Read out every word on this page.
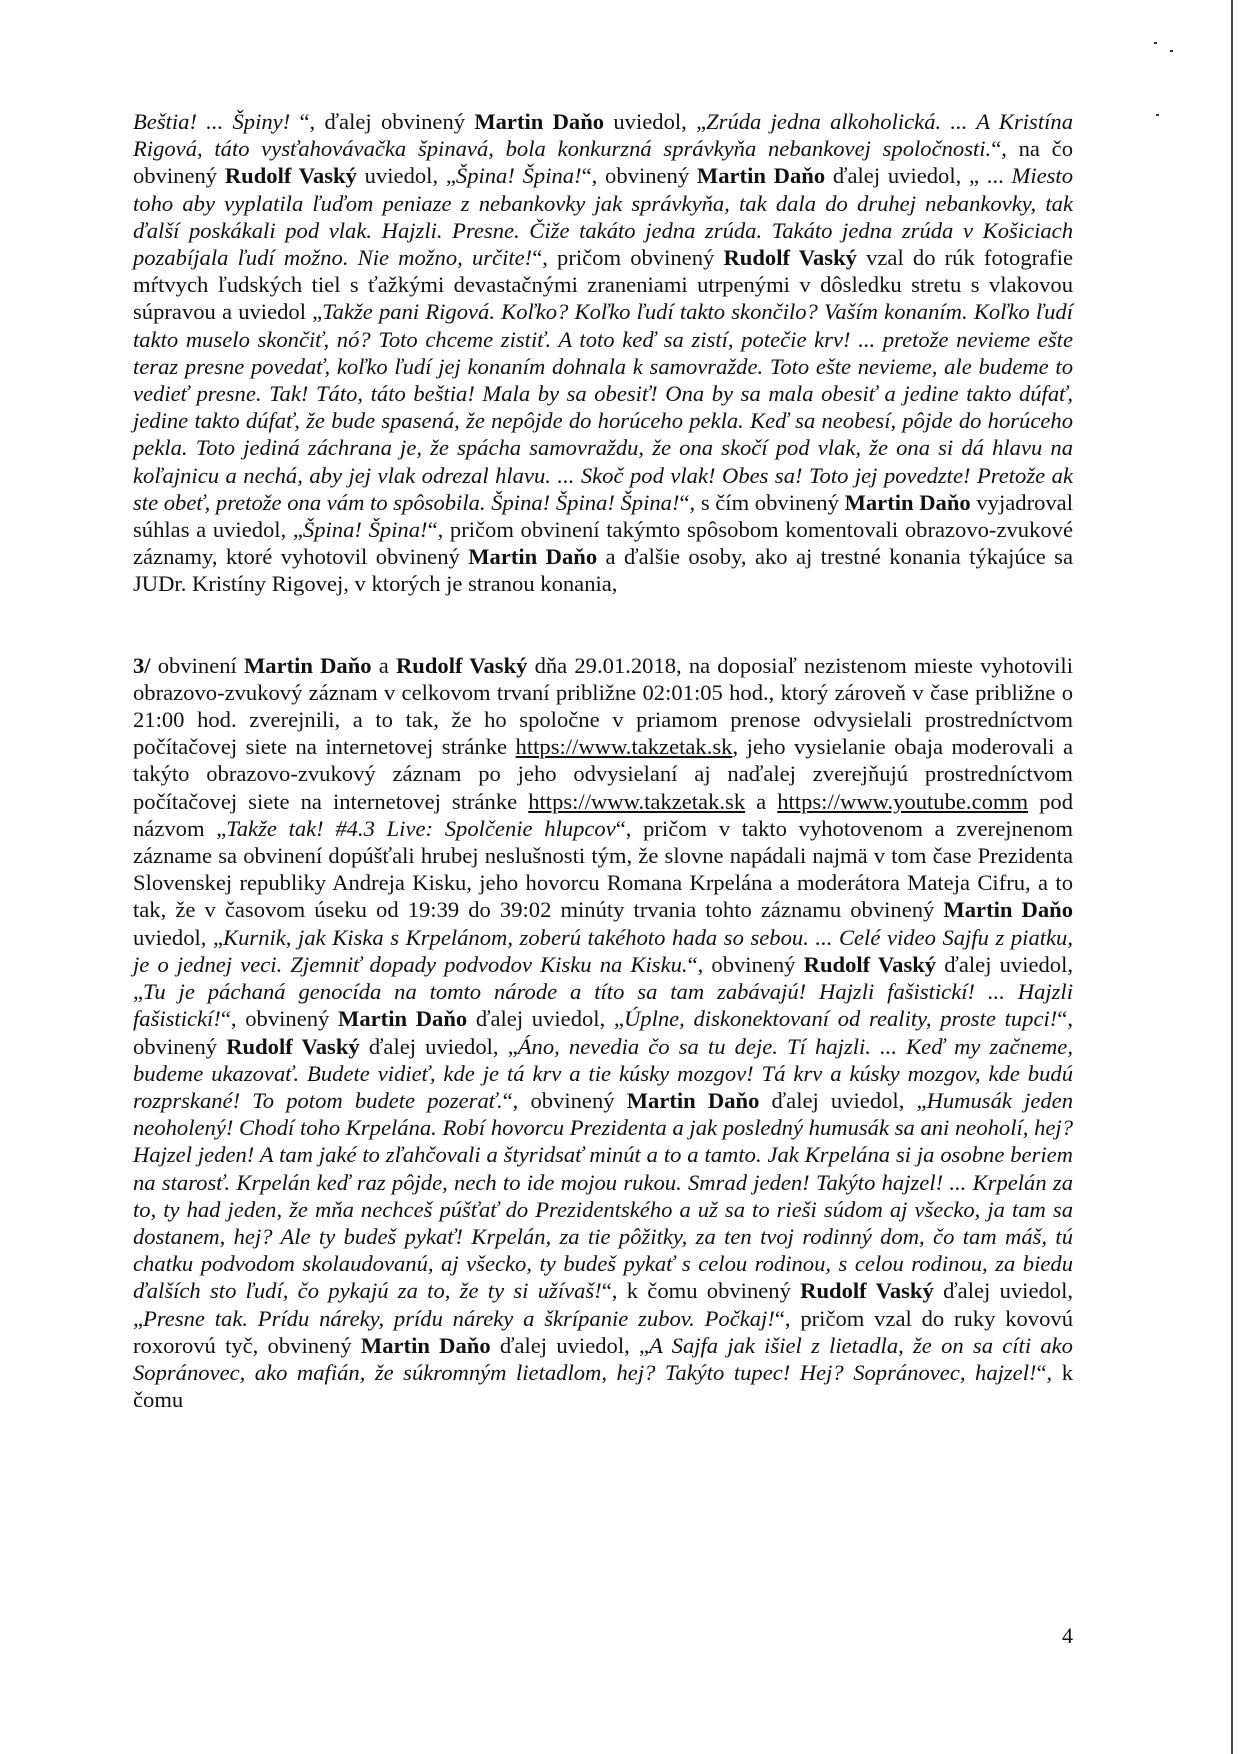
Beštia! ... Špiny! “, ďalej obvinený Martin Daňo uviedol, „Zrúda jedna alkoholická. ... A Kristína Rigová, táto vysťahovávačka špinavá, bola konkurzná správkyňa nebankovej spoločnosti.“, na čo obvinený Rudolf Vaský uviedol, „Špina! Špina!“, obvinený Martin Daňo ďalej uviedol, „ ... Miesto toho aby vyplatila ľuďom peniaze z nebankovky jak správkyňa, tak dala do druhej nebankovky, tak ďalší poskákali pod vlak. Hajzli. Presne. Čiže takáto jedna zrúda. Takáto jedna zrúda v Košiciach pozabíjala ľudí možno. Nie možno, určite!“, pričom obvinený Rudolf Vaský vzal do rúk fotografie mŕtvych ľudských tiel s ťažkými devastačnými zraneniami utrpenými v dôsledku stretu s vlakovou súpravou a uviedol „Takže pani Rigová. Koľko? Koľko ľudí takto skončilo? Vaším konaním. Koľko ľudí takto muselo skončiť, nó? Toto chceme zistiť. A toto keď sa zistí, potečie krv! ... pretože nevieme ešte teraz presne povedať, koľko ľudí jej konaním dohnala k samovražde. Toto ešte nevieme, ale budeme to vedieť presne. Tak! Táto, táto beštia! Mala by sa obesiť! Ona by sa mala obesiť a jedine takto dúfať, jedine takto dúfať, že bude spasená, že nepôjde do horúceho pekla. Keď sa neobesí, pôjde do horúceho pekla. Toto jediná záchrana je, že spácha samovraždu, že ona skočí pod vlak, že ona si dá hlavu na koľajnicu a nechá, aby jej vlak odrezal hlavu. ... Skoč pod vlak! Obes sa! Toto jej povedzte! Pretože ak ste obeť, pretože ona vám to spôsobila. Špina! Špina! Špina!“, s čím obvinený Martin Daňo vyjadroval súhlas a uviedol, „Špina! Špina!“, pričom obvinení takýmto spôsobom komentovali obrazovo-zvukové záznamy, ktoré vyhotovil obvinený Martin Daňo a ďalšie osoby, ako aj trestné konania týkajúce sa JUDr. Kristíny Rigovej, v ktorých je stranou konania,

3/ obvinení Martin Daňo a Rudolf Vaský dňa 29.01.2018, na doposiaľ nezistenom mieste vyhotovili obrazovo-zvukový záznam v celkovom trvaní približne 02:01:05 hod., ktorý zároveň v čase približne o 21:00 hod. zverejnili, a to tak, že ho spoločne v priamom prenose odvysielali prostredníctvom počítačovej siete na internetovej stránke https://www.takzetak.sk, jeho vysielanie obaja moderovali a takýto obrazovo-zvukový záznam po jeho odvysielaní aj naďalej zverejňujú prostredníctvom počítačovej siete na internetovej stránke https://www.takzetak.sk a https://www.youtube.comm pod názvom „Takže tak! #4.3 Live: Spolčenie hlupcov“, pričom v takto vyhotovenom a zverejnenom zázname sa obvinení dopúšťali hrubej neslušnosti tým, že slovne napádali najmä v tom čase Prezidenta Slovenskej republiky Andreja Kisku, jeho hovorcu Romana Krpelána a moderátora Mateja Cifru, a to tak, že v časovom úseku od 19:39 do 39:02 minúty trvania tohto záznamu obvinený Martin Daňo uviedol, „Kurnik, jak Kiska s Krpelánom, zoberú takéhoto hada so sebou. ... Celé video Sajfu z piatku, je o jednej veci. Zjemniť dopady podvodov Kisku na Kisku.“, obvinený Rudolf Vaský ďalej uviedol, „Tu je páchaná genocída na tomto národe a títo sa tam zabávajú! Hajzli fašistickí! ... Hajzli fašistickí!“, obvinený Martin Daňo ďalej uviedol, „Úplne, diskonektovaní od reality, proste tupci!“, obvinený Rudolf Vaský ďalej uviedol, „Áno, nevedia čo sa tu deje. Tí hajzli. ... Keď my začneme, budeme ukazovať. Budete vidieť, kde je tá krv a tie kúsky mozgov! Tá krv a kúsky mozgov, kde budú rozprskané! To potom budete pozerať.“, obvinený Martin Daňo ďalej uviedol, „Humusák jeden neoholený! Chodí toho Krpelána. Robí hovorcu Prezidenta a jak posledný humusák sa ani neoholí, hej? Hajzel jeden! A tam jaké to zľahčovali a štyridsať minút a to a tamto. Jak Krpelána si ja osobne beriem na starosť. Krpelán keď raz pôjde, nech to ide mojou rukou. Smrad jeden! Takýto hajzel! ... Krpelán za to, ty had jeden, že mňa nechceš púšťať do Prezidentského a už sa to rieši súdom aj všecko, ja tam sa dostanem, hej? Ale ty budeš pykať! Krpelán, za tie pôžitky, za ten tvoj rodinný dom, čo tam máš, tú chatku podvodom skolaudovanú, aj všecko, ty budeš pykať s celou rodinou, s celou rodinou, za biedu ďalších sto ľudí, čo pykajú za to, že ty si užívaš!“, k čomu obvinený Rudolf Vaský ďalej uviedol, „Presne tak. Prídu náreky, prídu náreky a škrípanie zubov. Počkaj!“, pričom vzal do ruky kovovú roxorovú tyč, obvinený Martin Daňo ďalej uviedol, „A Sajfa jak išiel z lietadla, že on sa cíti ako Sopránovec, ako mafián, že súkromným lietadlom, hej? Takýto tupec! Hej? Sopránovec, hajzel!“, k čomu

4
